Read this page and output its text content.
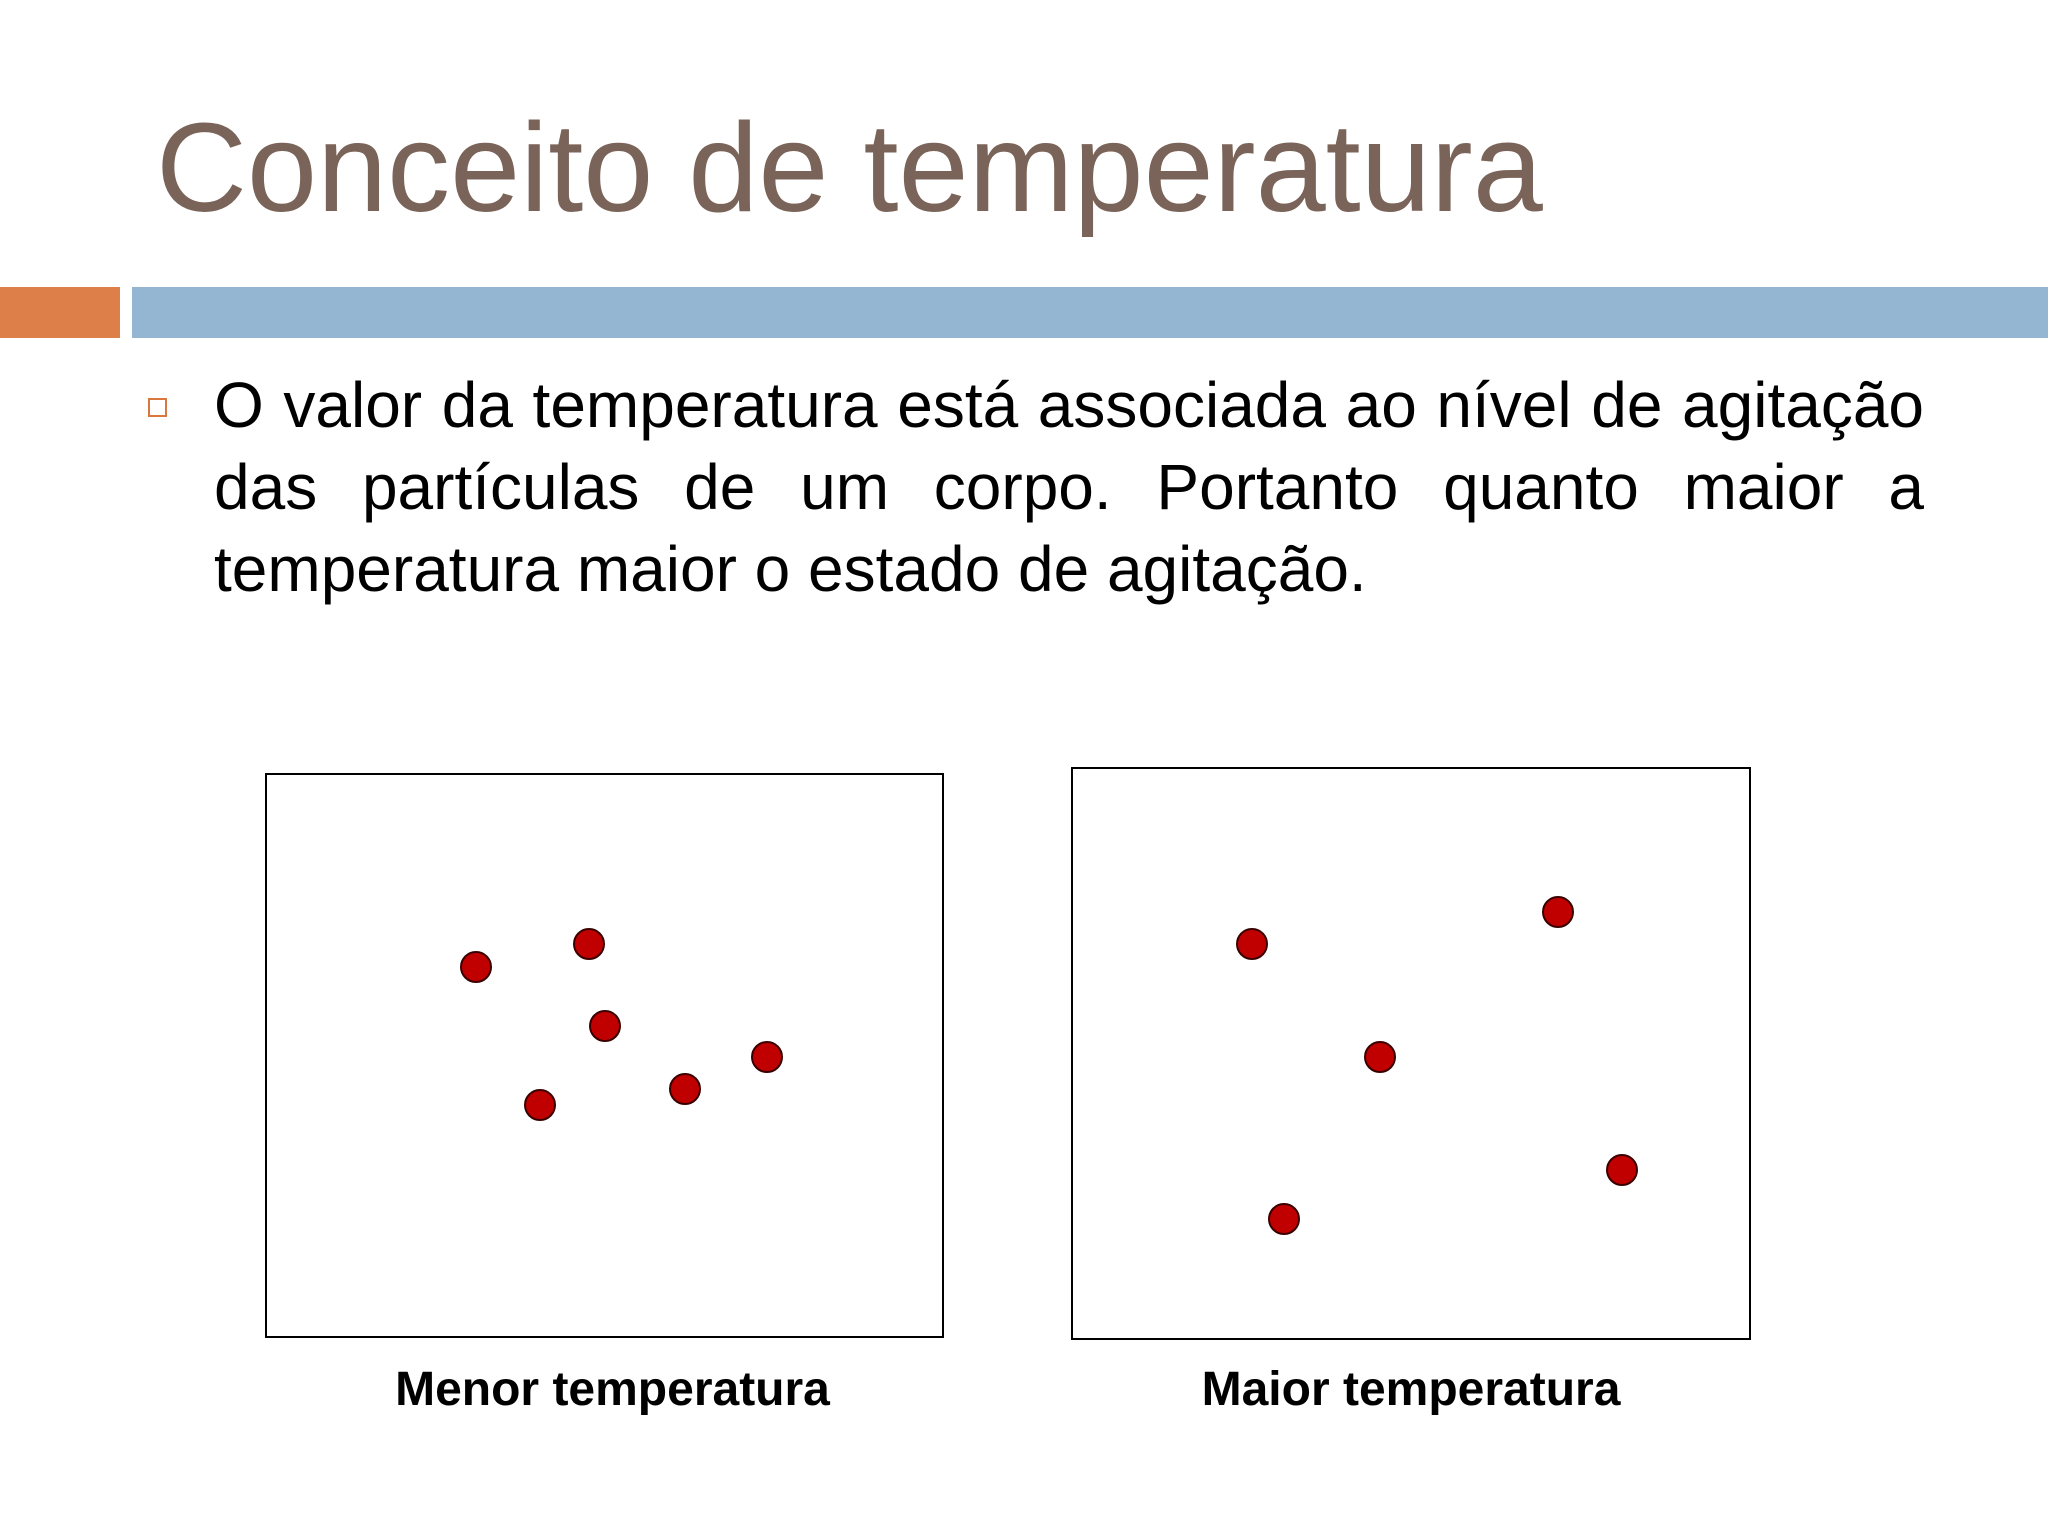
Conceito de temperatura

O valor da temperatura está associada ao nível de agitação das partículas de um corpo. Portanto quanto maior a temperatura maior o estado de agitação.

Menor temperatura	Maior temperatura
